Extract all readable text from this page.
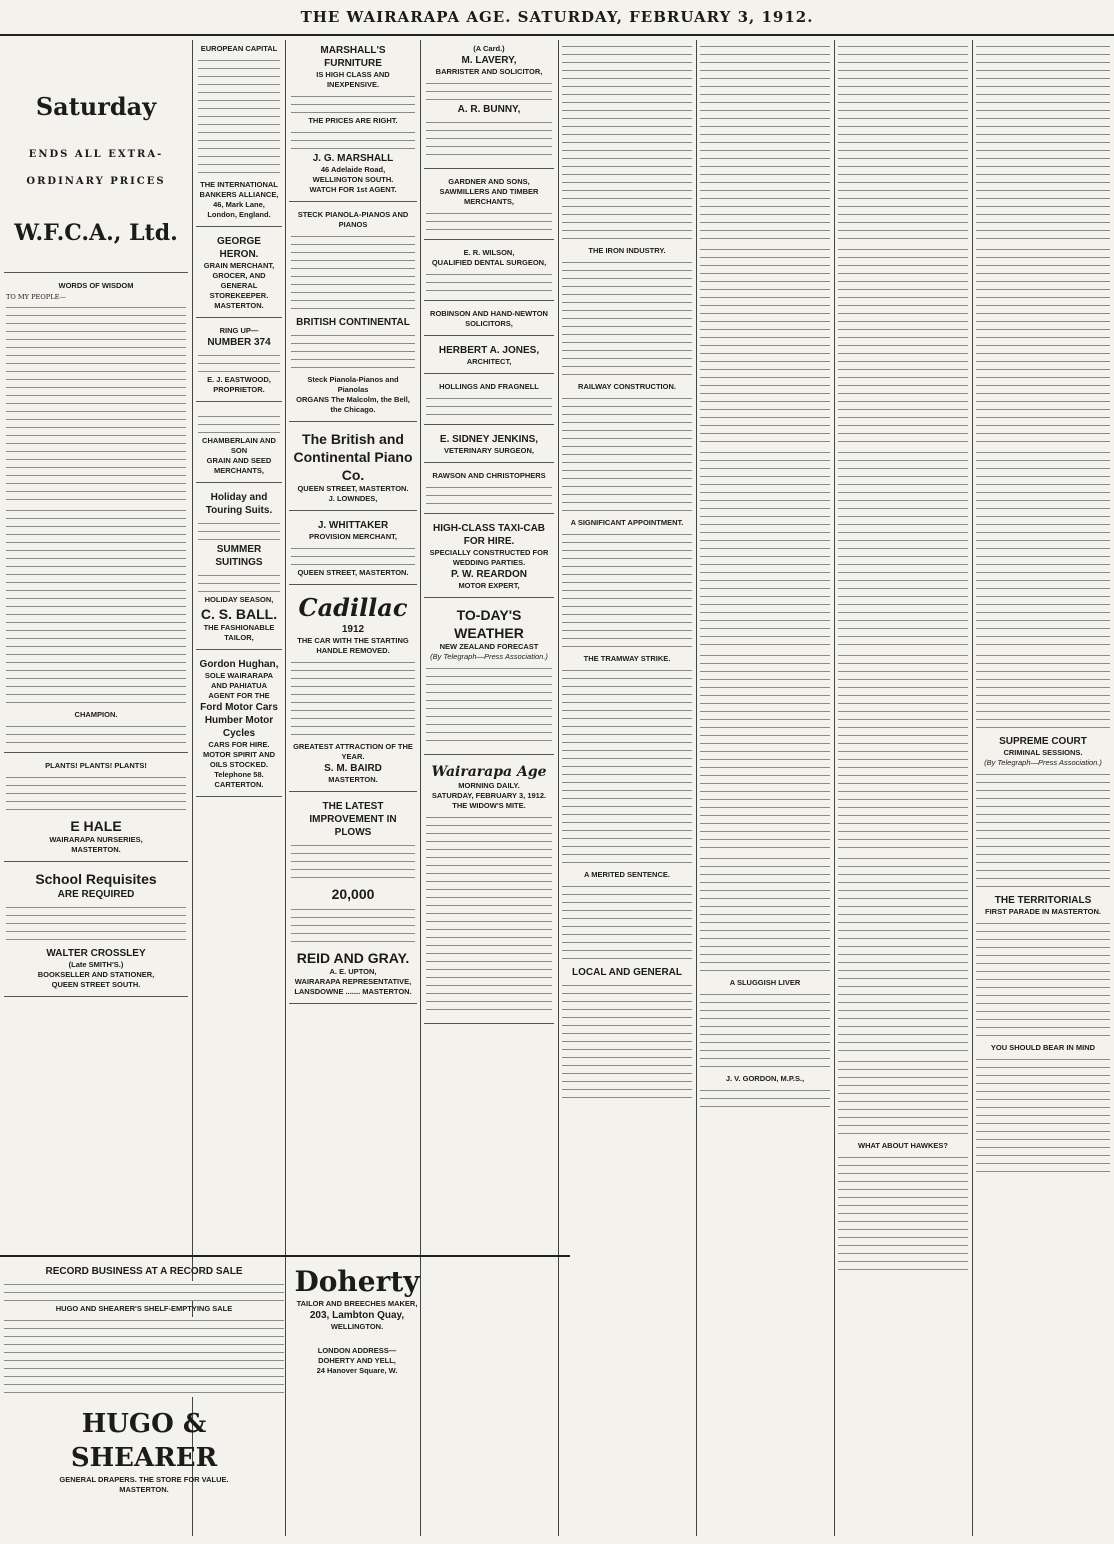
THE WAIRARAPA AGE. SATURDAY, FEBRUARY 3, 1912.
Saturday
ENDS ALL EXTRA-
ORDINARY PRICES
W.F.C.A., Ltd.
WORDS OF WISDOM

TO MY PEOPLE—

CHAMPION.
PLANTS! PLANTS! PLANTS!
E HALE
WAIRARAPA NURSERIES,
MASTERTON.
School Requisites
ARE REQUIRED
WALTER CROSSLEY
(Late SMITH'S.)
BOOKSELLER AND STATIONER,
QUEEN STREET SOUTH.
EUROPEAN CAPITAL
THE INTERNATIONAL BANKERS ALLIANCE,
46, Mark Lane, London, England.
GEORGE HERON.
GRAIN MERCHANT, GROCER, AND GENERAL STOREKEEPER.
MASTERTON.
RING UP—
NUMBER 374
E. J. EASTWOOD,
PROPRIETOR.
CHAMBERLAIN AND SON
GRAIN AND SEED MERCHANTS,
Holiday and Touring Suits.
SUMMER SUITINGS
HOLIDAY SEASON,
C. S. BALL.
THE FASHIONABLE TAILOR,
Gordon Hughan,
SOLE WAIRARAPA AND PAHIATUA AGENT FOR THE
Ford Motor Cars
Humber Motor Cycles
CARS FOR HIRE.
MOTOR SPIRIT AND OILS STOCKED.
Telephone 58.
CARTERTON.
MARSHALL'S FURNITURE
IS HIGH CLASS AND INEXPENSIVE.
THE PRICES ARE RIGHT.
J. G. MARSHALL
46 Adelaide Road,
WELLINGTON SOUTH.
WATCH FOR 1st AGENT.
STECK PIANOLA-PIANOS AND PIANOS
BRITISH CONTINENTAL
Steck Pianola-Pianos and Pianolas
ORGANS The Malcolm, the Bell, the Chicago.
The British and Continental Piano Co.
QUEEN STREET, MASTERTON.
J. LOWNDES,
J. WHITTAKER
PROVISION MERCHANT,
QUEEN STREET, MASTERTON.
Cadillac
1912
THE CAR WITH THE STARTING HANDLE REMOVED.
GREATEST ATTRACTION OF THE YEAR.
S. M. BAIRD
MASTERTON.
THE LATEST IMPROVEMENT IN PLOWS
20,000
REID AND GRAY.
A. E. UPTON,
WAIRARAPA REPRESENTATIVE, LANSDOWNE ....... MASTERTON.
(A Card.)
M. LAVERY,
BARRISTER AND SOLICITOR,
A. R. BUNNY,
GARDNER AND SONS,
SAWMILLERS AND TIMBER MERCHANTS,
E. R. WILSON,
QUALIFIED DENTAL SURGEON,
ROBINSON AND HAND-NEWTON
SOLICITORS,
HERBERT A. JONES,
ARCHITECT,
HOLLINGS AND FRAGNELL
E. SIDNEY JENKINS,
VETERINARY SURGEON,
RAWSON AND CHRISTOPHERS
HIGH-CLASS TAXI-CAB FOR HIRE.
SPECIALLY CONSTRUCTED FOR WEDDING PARTIES.
P. W. REARDON
MOTOR EXPERT,
TO-DAY'S WEATHER
NEW ZEALAND FORECAST
(By Telegraph—Press Association.)
Wairarapa Age
MORNING DAILY.
SATURDAY, FEBRUARY 3, 1912.
THE WIDOW'S MITE.
THE IRON INDUSTRY.
RAILWAY CONSTRUCTION.
A SIGNIFICANT APPOINTMENT.
THE TRAMWAY STRIKE.
A MERITED SENTENCE.
LOCAL AND GENERAL
A SLUGGISH LIVER
J. V. GORDON, M.P.S.,
WHAT ABOUT HAWKES?
SUPREME COURT
CRIMINAL SESSIONS.
(By Telegraph—Press Association.)
THE TERRITORIALS
FIRST PARADE IN MASTERTON.
YOU SHOULD BEAR IN MIND
RECORD BUSINESS AT A RECORD SALE
HUGO AND SHEARER'S SHELF-EMPTYING SALE
HUGO & SHEARER
GENERAL DRAPERS. THE STORE FOR VALUE.
MASTERTON.
Doherty
TAILOR AND BREECHES MAKER,
203, Lambton Quay,
WELLINGTON.
LONDON ADDRESS—
DOHERTY AND YELL,
24 Hanover Square, W.
